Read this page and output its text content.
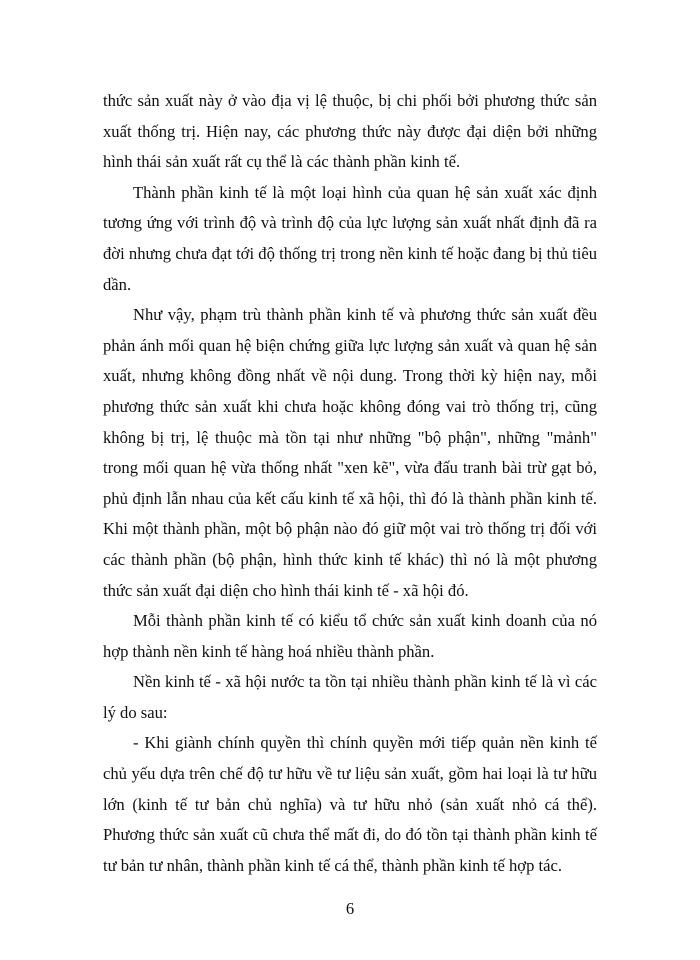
thức sản xuất này ở vào địa vị lệ thuộc, bị chi phối bởi phương thức sản xuất thống trị. Hiện nay, các phương thức này được đại diện bởi những hình thái sản xuất rất cụ thể là các thành phần kinh tế.

Thành phần kinh tế là một loại hình của quan hệ sản xuất xác định tương ứng với trình độ và trình độ của lực lượng sản xuất nhất định đã ra đời nhưng chưa đạt tới độ thống trị trong nền kinh tế hoặc đang bị thủ tiêu dần.

Như vậy, phạm trù thành phần kinh tế và phương thức sản xuất đều phản ánh mối quan hệ biện chứng giữa lực lượng sản xuất và quan hệ sản xuất, nhưng không đồng nhất về nội dung. Trong thời kỳ hiện nay, mỗi phương thức sản xuất khi chưa hoặc không đóng vai trò thống trị, cũng không bị trị, lệ thuộc mà tồn tại như những "bộ phận", những "mảnh" trong mối quan hệ vừa thống nhất "xen kẽ", vừa đấu tranh bài trừ gạt bỏ, phủ định lẫn nhau của kết cấu kinh tế xã hội, thì đó là thành phần kinh tế. Khi một thành phần, một bộ phận nào đó giữ một vai trò thống trị đối với các thành phần (bộ phận, hình thức kinh tế khác) thì nó là một phương thức sản xuất đại diện cho hình thái kinh tế - xã hội đó.

Mỗi thành phần kinh tế có kiểu tổ chức sản xuất kinh doanh của nó hợp thành nền kinh tế hàng hoá nhiều thành phần.

Nền kinh tế - xã hội nước ta tồn tại nhiều thành phần kinh tế là vì các lý do sau:

- Khi giành chính quyền thì chính quyền mới tiếp quản nền kinh tế chủ yếu dựa trên chế độ tư hữu về tư liệu sản xuất, gồm hai loại là tư hữu lớn (kinh tế tư bản chủ nghĩa) và tư hữu nhỏ (sản xuất nhỏ cá thể). Phương thức sản xuất cũ chưa thể mất đi, do đó tồn tại thành phần kinh tế tư bản tư nhân, thành phần kinh tế cá thể, thành phần kinh tế hợp tác.

6
